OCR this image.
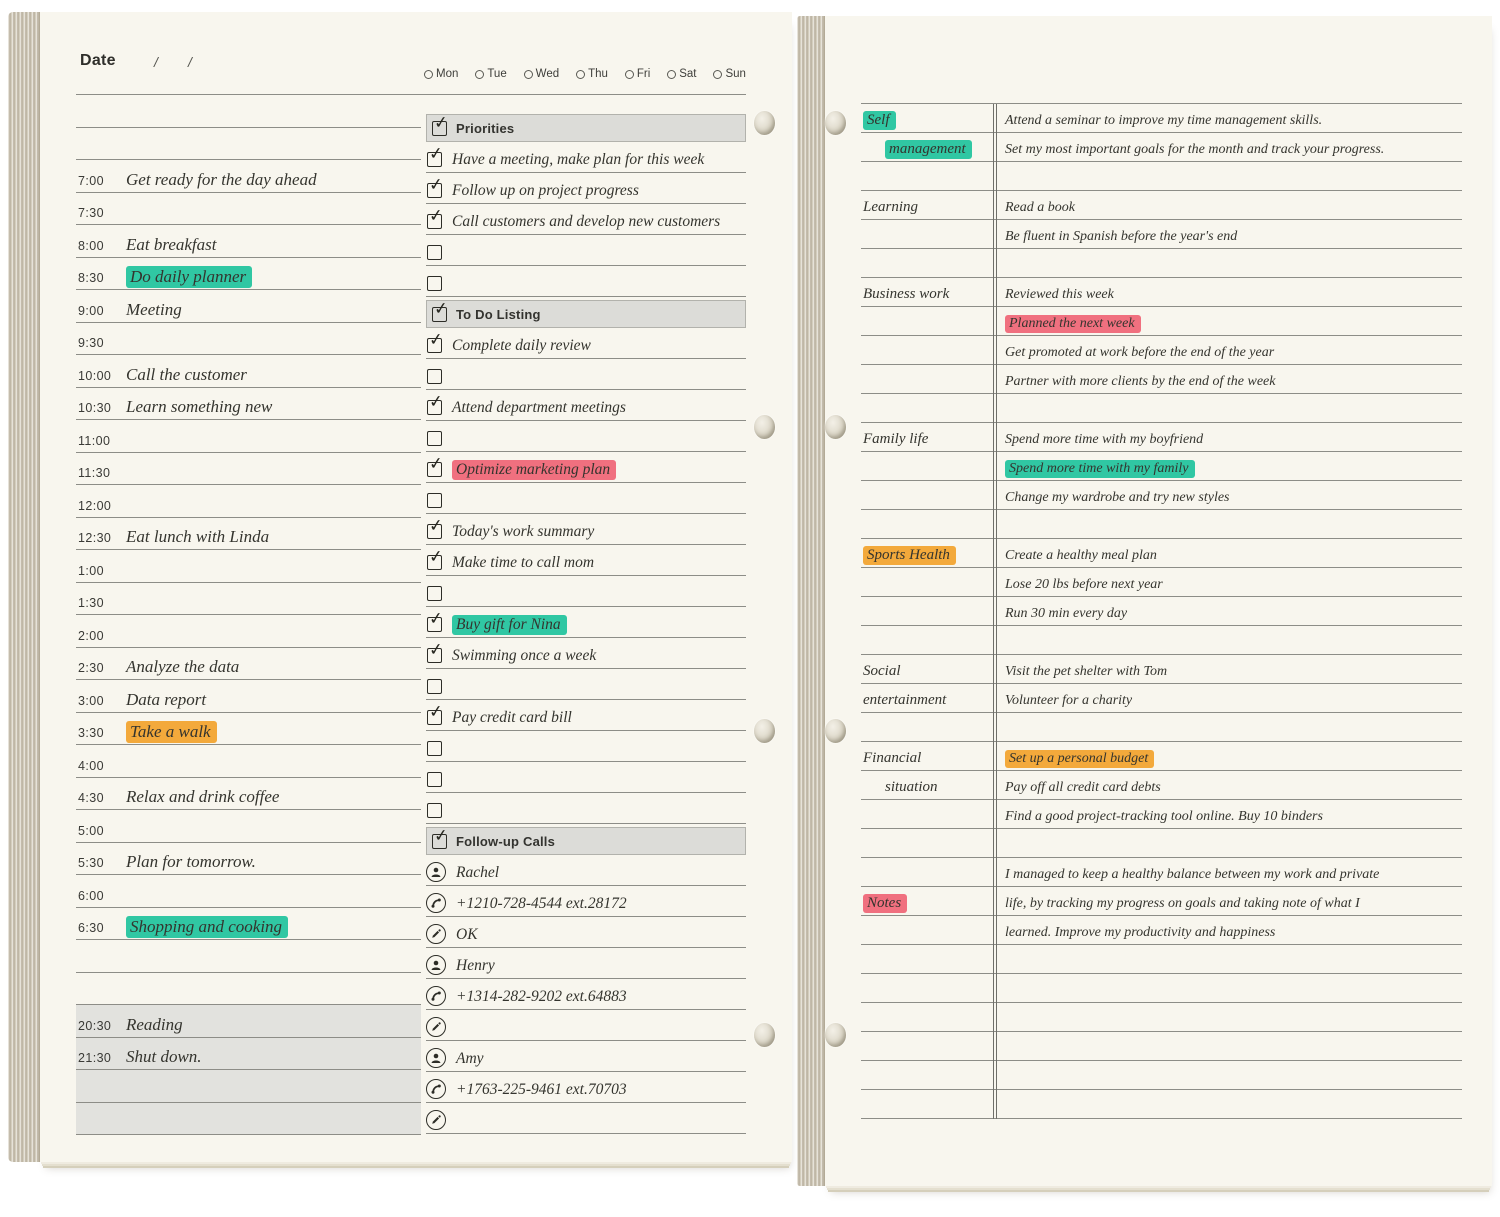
Date	/ /
Mon	Tue	Wed	Thu	Fri	Sat	Sun
7:00	Get ready for the day ahead
7:30
8:00	Eat breakfast
8:30	Do daily planner
9:00	Meeting
9:30
10:00 Call the customer
10:30 Learn something new
11:00
11:30
12:00
12:30 Eat lunch with Linda
1:00
1:30
2:00
2:30	Analyze the data
3:00	Data report
3:30	Take a walk
4:00
4:30	Relax and drink coffee
5:00
5:30	Plan for tomorrow.
6:00
6:30	Shopping and cooking
20:30 Reading
21:30 Shut down.
✓
Priorities
✓
Have a meeting, make plan for this week
✓
Follow up on project progress
✓
Call customers and develop new customers
✓
To Do Listing
✓
Complete daily review
✓
Attend department meetings
✓
Optimize marketing plan
✓
Today's work summary
✓
Make time to call mom
✓
Buy gift for Nina
✓
Swimming once a week
✓
Pay credit card bill
✓
Follow-up Calls
Rachel
+1210-728-4544 ext.28172
OK
Henry
+1314-282-9202 ext.64883
Amy
+1763-225-9461 ext.70703
Self	Attend a seminar to improve my time management skills.
management	Set my most important goals for the month and track your progress.
Learning	Read a book
Be fluent in Spanish before the year's end
Business work	Reviewed this week
Planned the next week
Get promoted at work before the end of the year
Partner with more clients by the end of the week
Family life	Spend more time with my boyfriend
Spend more time with my family
Change my wardrobe and try new styles
Sports Health	Create a healthy meal plan
Lose 20 lbs before next year
Run 30 min every day
Social	Visit the pet shelter with Tom
entertainment	Volunteer for a charity
Financial	Set up a personal budget
situation	Pay off all credit card debts
Find a good project-tracking tool online. Buy 10 binders
I managed to keep a healthy balance between my work and private
Notes	life, by tracking my progress on goals and taking note of what I
learned. Improve my productivity and happiness
